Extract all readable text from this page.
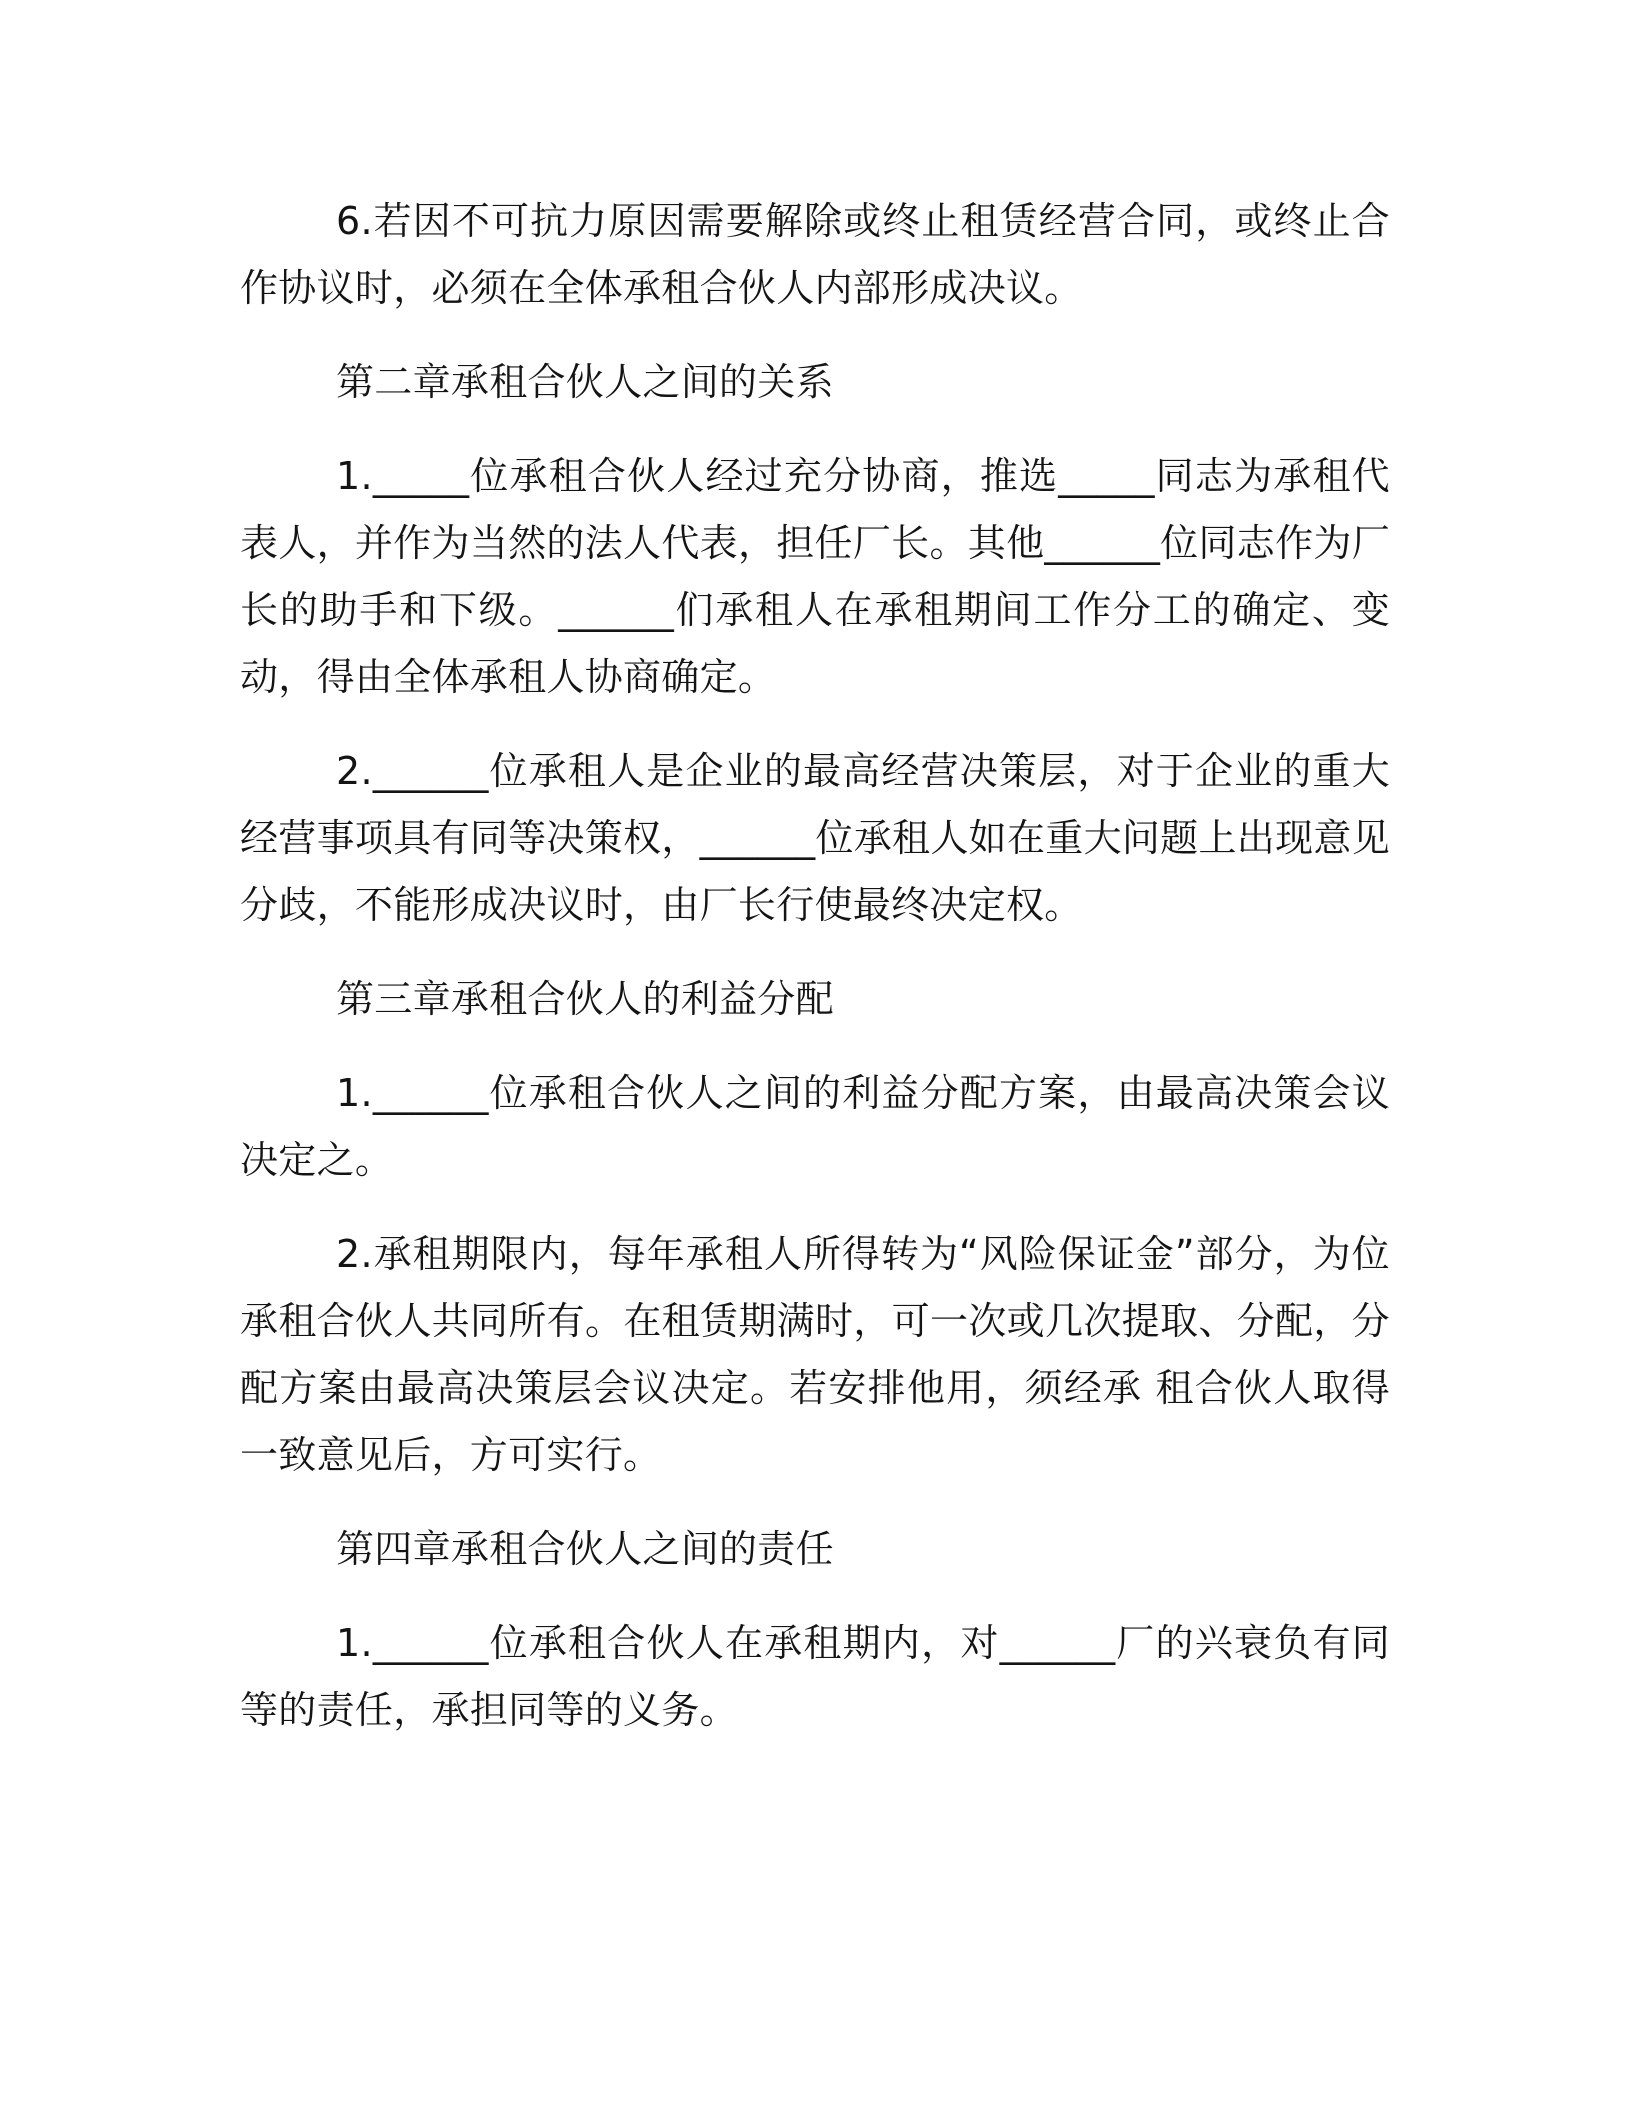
6.若因不可抗力原因需要解除或终止租赁经营合同，或终止合作协议时，必须在全体承租合伙人内部形成决议。

第二章承租合伙人之间的关系

1._____位承租合伙人经过充分协商，推选_____同志为承租代表人，并作为当然的法人代表，担任厂长。其他______位同志作为厂长的助手和下级。______们承租人在承租期间工作分工的确定、变动，得由全体承租人协商确定。

2.______位承租人是企业的最高经营决策层，对于企业的重大经营事项具有同等决策权，______位承租人如在重大问题上出现意见分歧，不能形成决议时，由厂长行使最终决定权。

第三章承租合伙人的利益分配

1.______位承租合伙人之间的利益分配方案，由最高决策会议决定之。

2.承租期限内，每年承租人所得转为“风险保证金”部分，为位承租合伙人共同所有。在租赁期满时，可一次或几次提取、分配，分配方案由最高决策层会议决定。若安排他用，须经承 租合伙人取得一致意见后，方可实行。

第四章承租合伙人之间的责任

1.______位承租合伙人在承租期内，对______厂的兴衰负有同等的责任，承担同等的义务。
